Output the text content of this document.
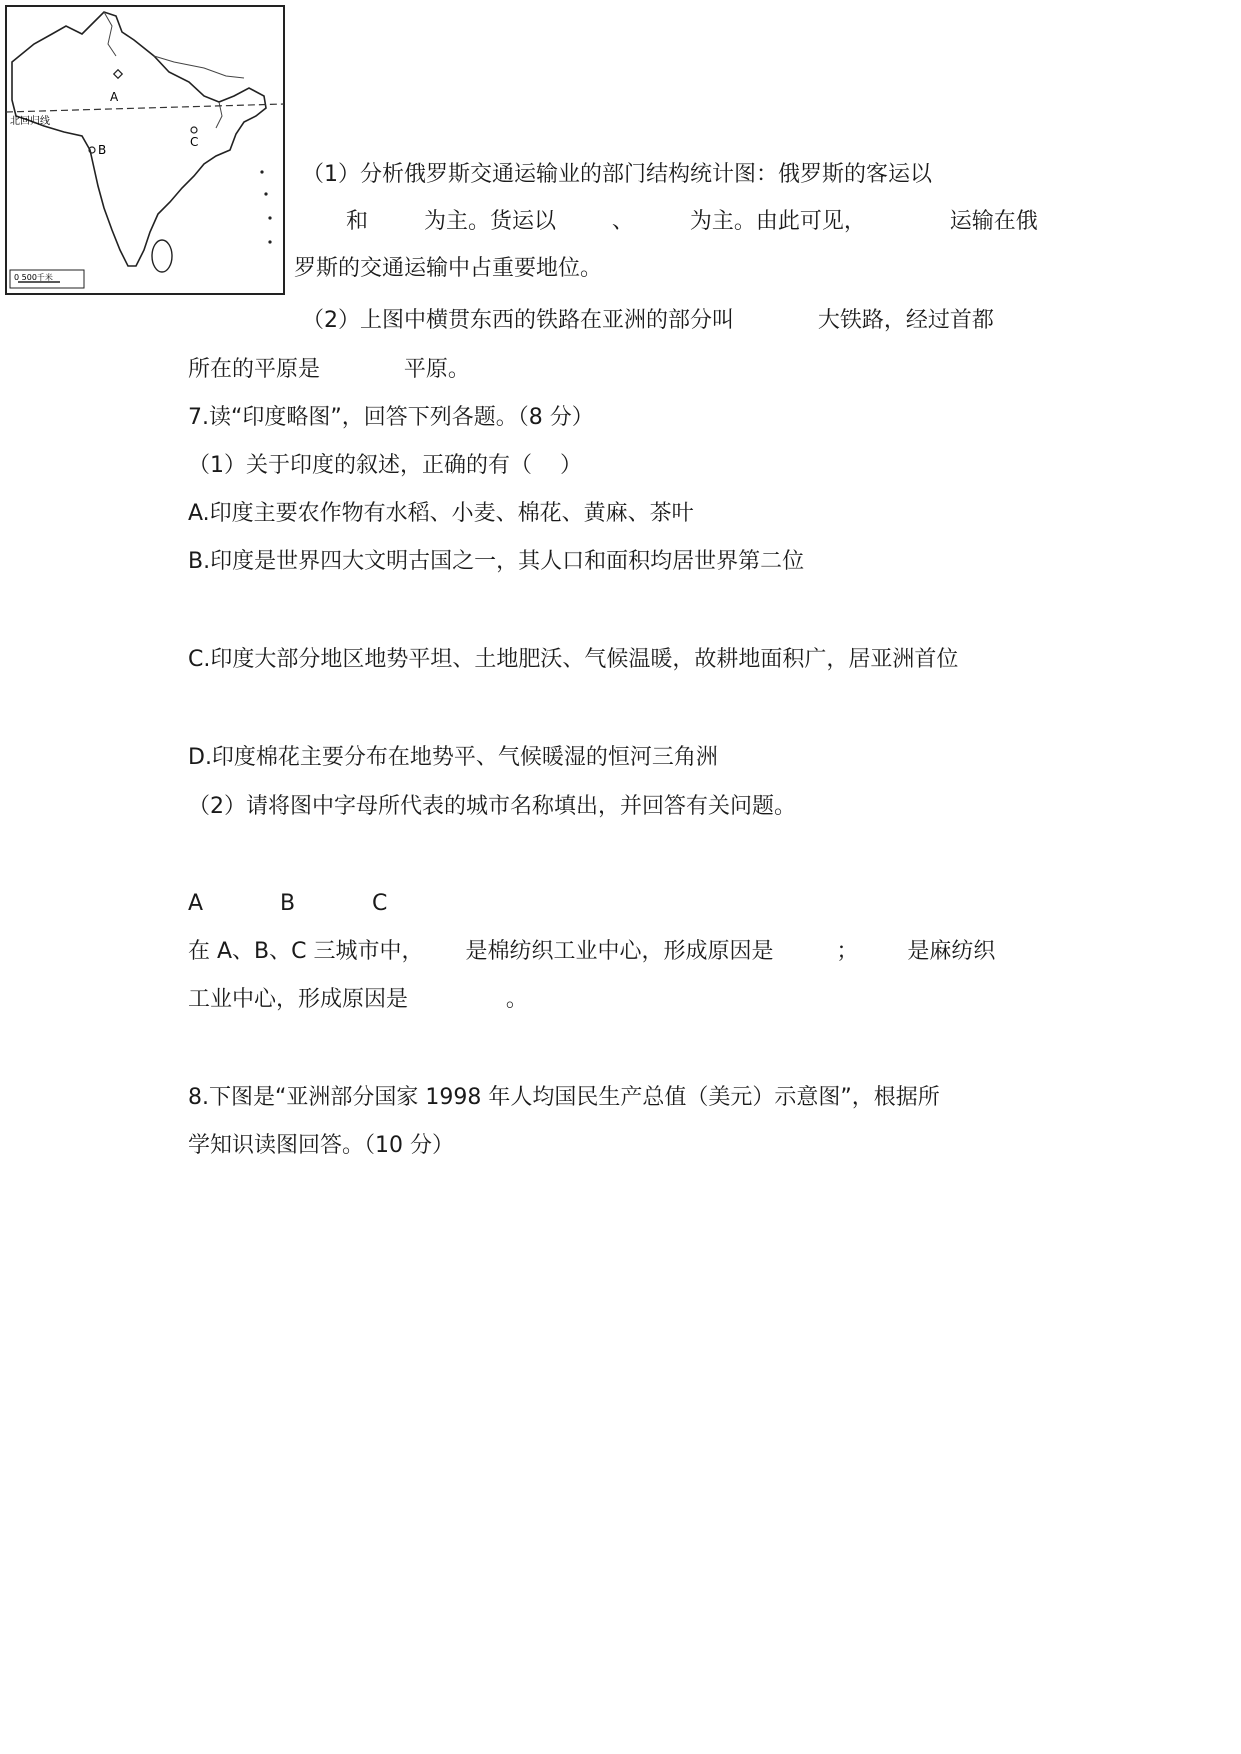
北回归线
A
B
C
0 500千米
（1）分析俄罗斯交通运输业的部门结构统计图：俄罗斯的客运以
和        为主。货运以        、        为主。由此可见，            运输在俄
罗斯的交通运输中占重要地位。
（2）上图中横贯东西的铁路在亚洲的部分叫            大铁路，经过首都
所在的平原是            平原。
7.读“印度略图”，回答下列各题。（8 分）
（1）关于印度的叙述，正确的有（    ）
A.印度主要农作物有水稻、小麦、棉花、黄麻、茶叶
B.印度是世界四大文明古国之一，其人口和面积均居世界第二位
C.印度大部分地区地势平坦、土地肥沃、气候温暖，故耕地面积广，居亚洲首位
D.印度棉花主要分布在地势平、气候暖湿的恒河三角洲
（2）请将图中字母所代表的城市名称填出，并回答有关问题。
A           B           C
在 A、B、C 三城市中，      是棉纺织工业中心，形成原因是         ；       是麻纺织
工业中心，形成原因是              。
8.下图是“亚洲部分国家 1998 年人均国民生产总值（美元）示意图”，根据所
学知识读图回答。（10 分）
